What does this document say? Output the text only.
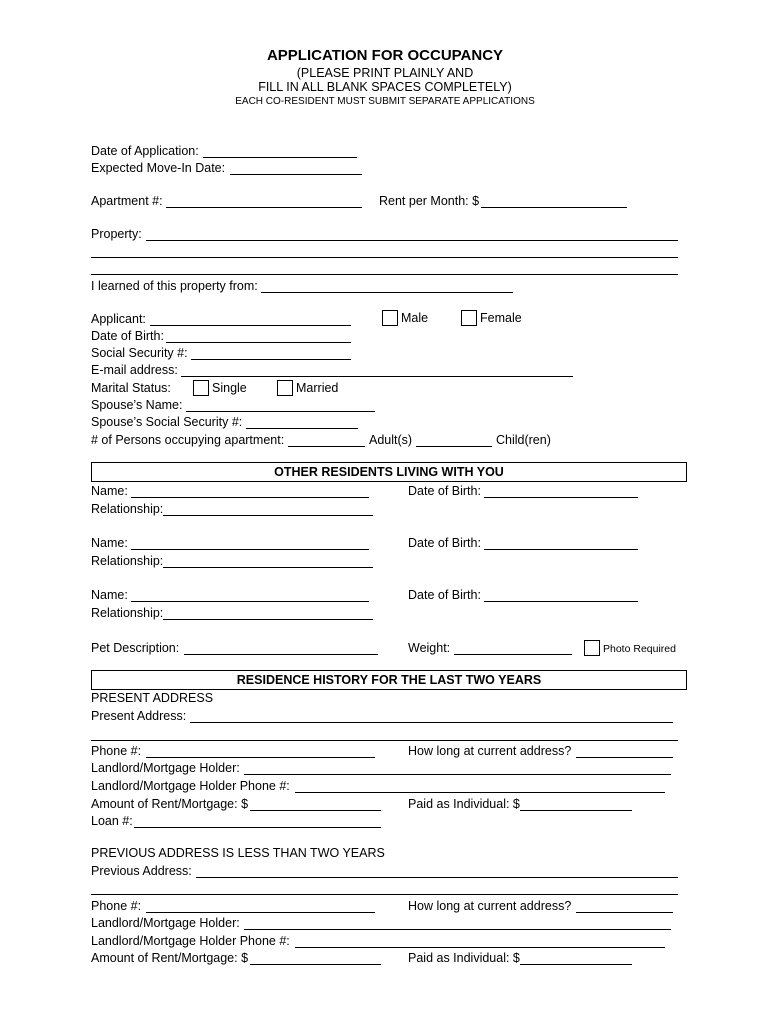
APPLICATION FOR OCCUPANCY
(PLEASE PRINT PLAINLY AND
FILL IN ALL BLANK SPACES COMPLETELY)
EACH CO-RESIDENT MUST SUBMIT SEPARATE APPLICATIONS
Date of Application:
Expected Move-In Date:
Apartment #:	Rent per Month: $
Property:
I learned of this property from:
Applicant:	Male	Female
Date of Birth:
Social Security #:
E-mail address:
Marital Status:	Single	Married
Spouse’s Name:
Spouse’s Social Security #:
# of Persons occupying apartment:	Adult(s)	Child(ren)
OTHER RESIDENTS LIVING WITH YOU
Name:	Date of Birth:
Relationship:
Name:	Date of Birth:
Relationship:
Name:	Date of Birth:
Relationship:
Pet Description:	Weight:	Photo Required
RESIDENCE HISTORY FOR THE LAST TWO YEARS
PRESENT ADDRESS
Present Address:
Phone #:	How long at current address?
Landlord/Mortgage Holder:
Landlord/Mortgage Holder Phone #:
Amount of Rent/Mortgage: $	Paid as Individual: $
Loan #:
PREVIOUS ADDRESS IS LESS THAN TWO YEARS
Previous Address:
Phone #:	How long at current address?
Landlord/Mortgage Holder:
Landlord/Mortgage Holder Phone #:
Amount of Rent/Mortgage: $	Paid as Individual: $
